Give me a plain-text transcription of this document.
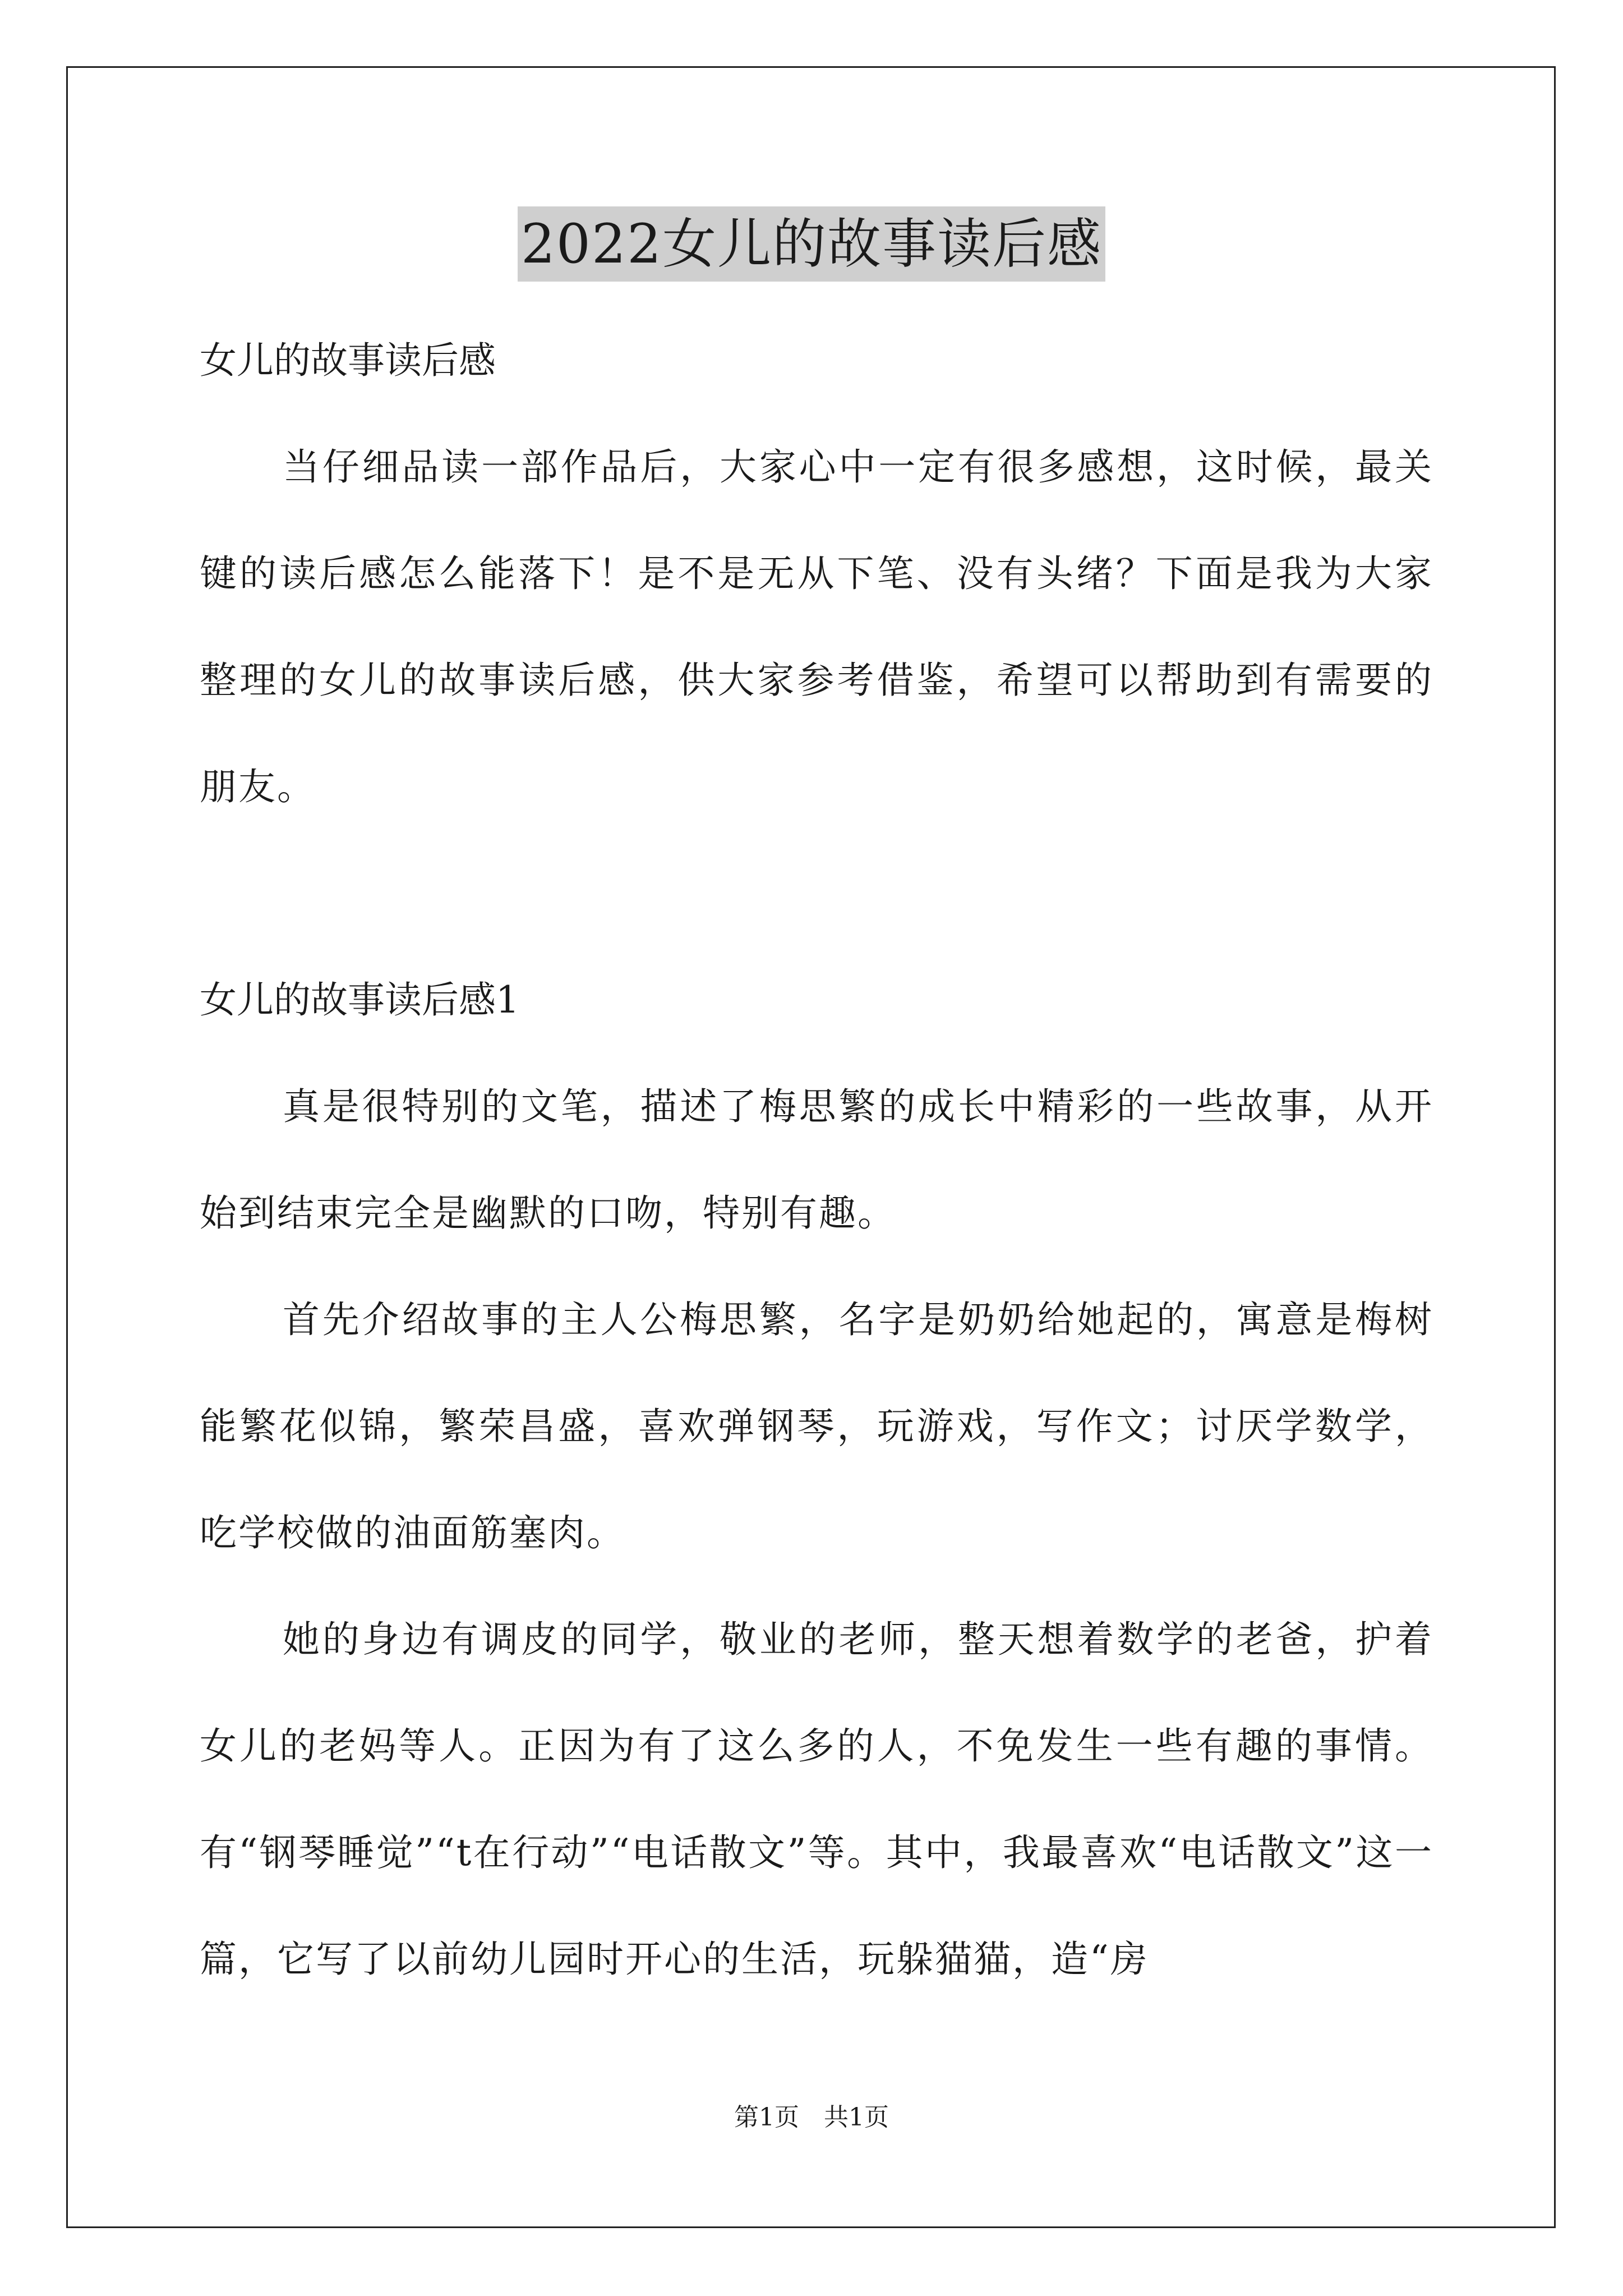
2022女儿的故事读后感

女儿的故事读后感

当仔细品读一部作品后，大家心中一定有很多感想，这时候，最关键的读后感怎么能落下！是不是无从下笔、没有头绪？下面是我为大家整理的女儿的故事读后感，供大家参考借鉴，希望可以帮助到有需要的朋友。

女儿的故事读后感1

真是很特别的文笔，描述了梅思繁的成长中精彩的一些故事，从开始到结束完全是幽默的口吻，特别有趣。

首先介绍故事的主人公梅思繁，名字是奶奶给她起的，寓意是梅树能繁花似锦，繁荣昌盛，喜欢弹钢琴，玩游戏，写作文；讨厌学数学，吃学校做的油面筋塞肉。

她的身边有调皮的同学，敬业的老师，整天想着数学的老爸，护着女儿的老妈等人。正因为有了这么多的人，不免发生一些有趣的事情。有“钢琴睡觉”“t在行动”“电话散文”等。其中，我最喜欢“电话散文”这一篇，它写了以前幼儿园时开心的生活，玩躲猫猫，造“房

第1页　共1页
